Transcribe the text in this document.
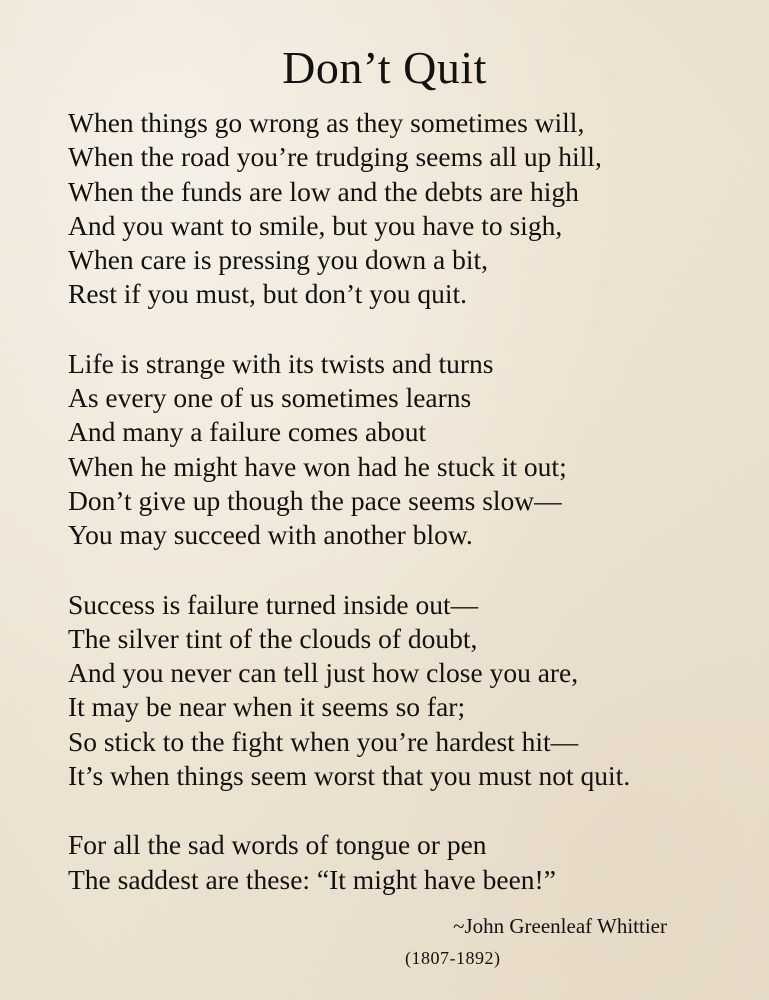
Don’t Quit
When things go wrong as they sometimes will,
When the road you’re trudging seems all up hill,
When the funds are low and the debts are high
And you want to smile, but you have to sigh,
When care is pressing you down a bit,
Rest if you must, but don’t you quit.
Life is strange with its twists and turns
As every one of us sometimes learns
And many a failure comes about
When he might have won had he stuck it out;
Don’t give up though the pace seems slow—
You may succeed with another blow.
Success is failure turned inside out—
The silver tint of the clouds of doubt,
And you never can tell just how close you are,
It may be near when it seems so far;
So stick to the fight when you’re hardest hit—
It’s when things seem worst that you must not quit.
For all the sad words of tongue or pen
The saddest are these: “It might have been!”
~John Greenleaf Whittier
(1807-1892)
